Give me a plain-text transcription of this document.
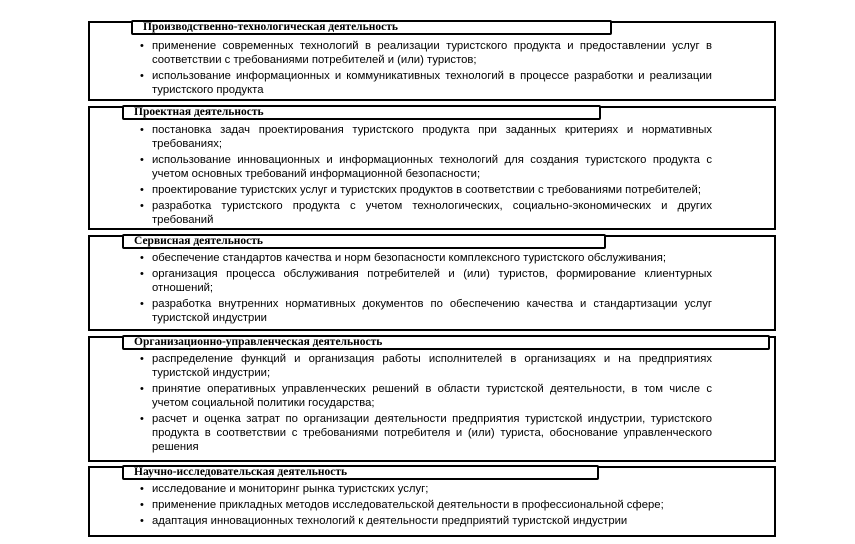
Производственно-технологическая деятельность
• применение современных технологий в реализации туристского продукта и предоставлении услуг в соответствии с требованиями потребителей и (или) туристов;
• использование информационных и коммуникативных технологий в процессе разработки и реализации туристского продукта
Проектная деятельность
• постановка задач проектирования туристского продукта при заданных критериях и нормативных требованиях;
• использование инновационных и информационных технологий для создания туристского продукта с учетом основных требований информационной безопасности;
• проектирование туристских услуг и туристских продуктов в соответствии с требованиями потребителей;
• разработка туристского продукта с учетом технологических, социально-экономических и других требований
Сервисная деятельность
• обеспечение стандартов качества и норм безопасности комплексного туристского обслуживания;
• организация процесса обслуживания потребителей и (или) туристов, формирование клиентурных отношений;
• разработка внутренних нормативных документов по обеспечению качества и стандартизации услуг туристской индустрии
Организационно-управленческая деятельность
• распределение функций и организация работы исполнителей в организациях и на предприятиях туристской индустрии;
• принятие оперативных управленческих решений в области туристской деятельности, в том числе с учетом социальной политики государства;
• расчет и оценка затрат по организации деятельности предприятия туристской индустрии, туристского продукта в соответствии с требованиями потребителя и (или) туриста, обоснование управленческого решения
Научно-исследовательская деятельность
• исследование и мониторинг рынка туристских услуг;
• применение прикладных методов исследовательской деятельности в профессиональной сфере;
• адаптация инновационных технологий к деятельности предприятий туристской индустрии
